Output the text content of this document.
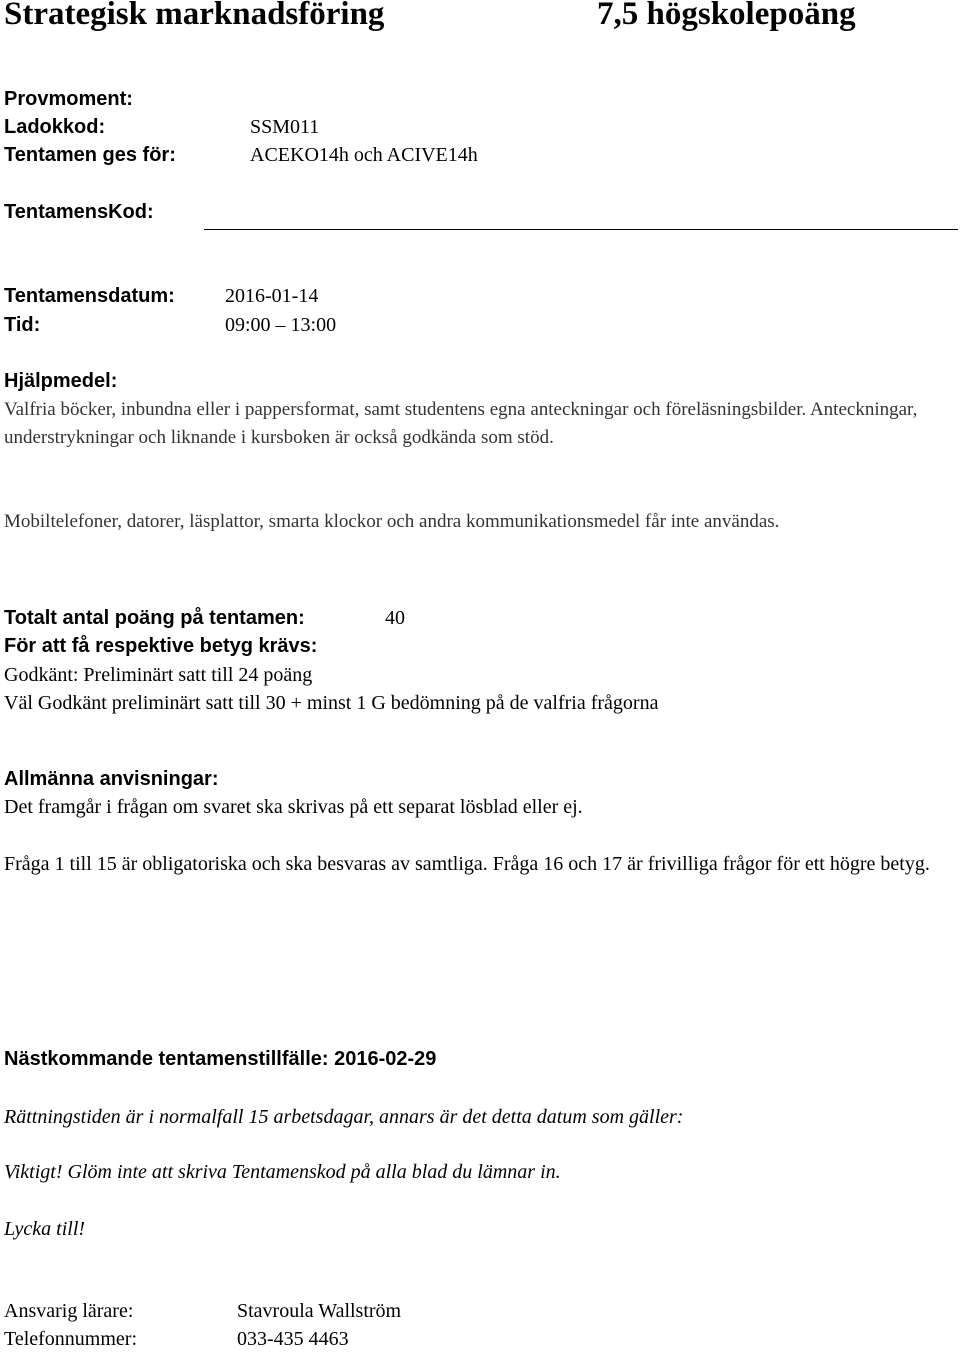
Strategisk marknadsföring	7,5 högskolepoäng
Provmoment:
Ladokkod:	SSM011
Tentamen ges för:	ACEKO14h och ACIVE14h
TentamensKod:
Tentamensdatum:	2016-01-14
Tid:	09:00 – 13:00
Hjälpmedel:
Valfria böcker, inbundna eller i pappersformat, samt studentens egna anteckningar och föreläsningsbilder. Anteckningar, understrykningar och liknande i kursboken är också godkända som stöd.
Mobiltelefoner, datorer, läsplattor, smarta klockor och andra kommunikationsmedel får inte användas.
Totalt antal poäng på tentamen:	40
För att få respektive betyg krävs:
Godkänt: Preliminärt satt till 24 poäng
Väl Godkänt preliminärt satt till 30 + minst 1 G bedömning på de valfria frågorna
Allmänna anvisningar:
Det framgår i frågan om svaret ska skrivas på ett separat lösblad eller ej.
Fråga 1 till 15 är obligatoriska och ska besvaras av samtliga. Fråga 16 och 17 är frivilliga frågor för ett högre betyg.
Nästkommande tentamenstillfälle: 2016-02-29
Rättningstiden är i normalfall 15 arbetsdagar, annars är det detta datum som gäller:
Viktigt! Glöm inte att skriva Tentamenskod på alla blad du lämnar in.
Lycka till!
Ansvarig lärare:	Stavroula Wallström
Telefonnummer:	033-435 4463
